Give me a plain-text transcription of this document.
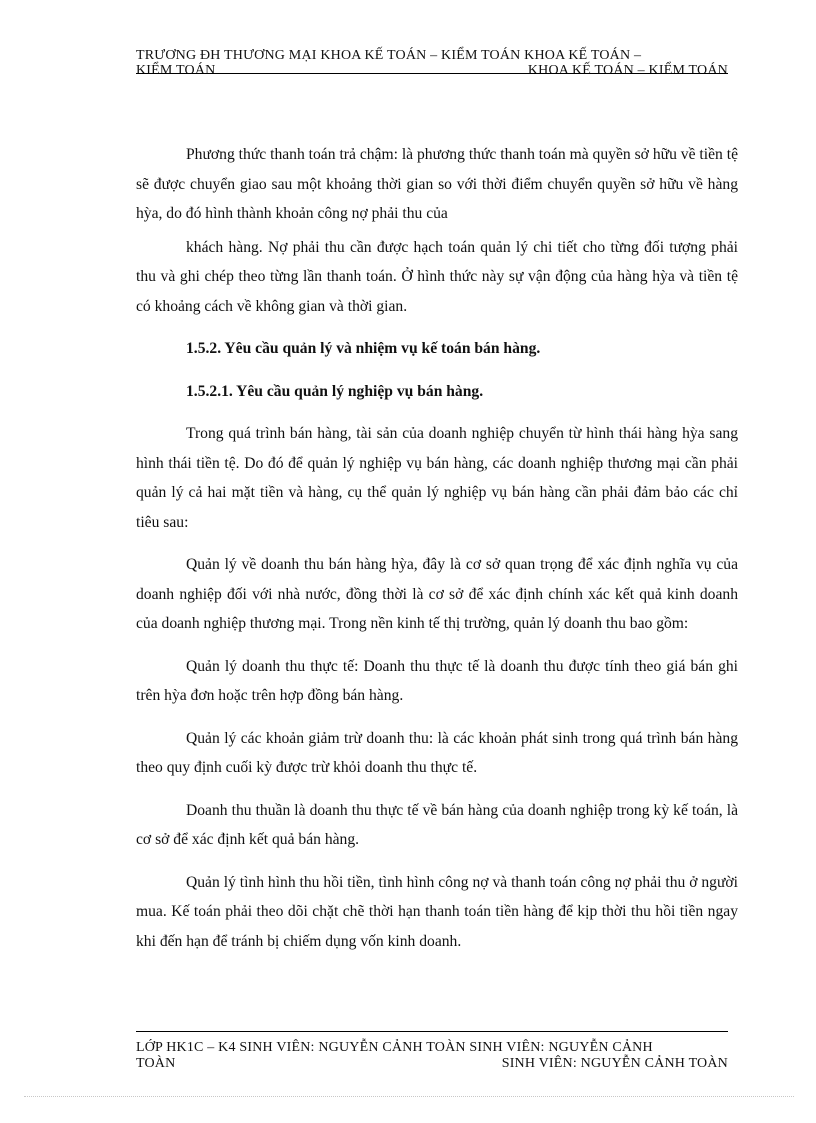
TRƯƠNG ĐH THƯƠNG MẠI KHOA KẾ TOÁN – KIỂM TOÁN KHOA KẾ TOÁN –
KIỂM TOÁN	KHOA KẾ TOÁN – KIỂM TOÁN

Phương thức thanh toán trả chậm: là phương thức thanh toán mà quyền sở hữu về tiền tệ sẽ được chuyển giao sau một khoảng thời gian so với thời điểm chuyển quyền sở hữu về hàng hỳa, do đó hình thành khoản công nợ phải thu của

khách hàng. Nợ phải thu cần được hạch toán quản lý chi tiết cho từng đối tượng phải thu và ghi chép theo từng lần thanh toán. Ở hình thức này sự vận động của hàng hỳa và tiền tệ có khoảng cách về không gian và thời gian.

1.5.2. Yêu cầu quản lý và nhiệm vụ kế toán bán hàng.

1.5.2.1. Yêu cầu quản lý nghiệp vụ bán hàng.

Trong quá trình bán hàng, tài sản của doanh nghiệp chuyển từ hình thái hàng hỳa sang hình thái tiền tệ. Do đó để quản lý nghiệp vụ bán hàng, các doanh nghiệp thương mại cần phải quản lý cả hai mặt tiền và hàng, cụ thể quản lý nghiệp vụ bán hàng cần phải đảm bảo các chỉ tiêu sau:

Quản lý về doanh thu bán hàng hỳa, đây là cơ sở quan trọng để xác định nghĩa vụ của doanh nghiệp đối với nhà nước, đồng thời là cơ sở để xác định chính xác kết quả kinh doanh của doanh nghiệp thương mại. Trong nền kinh tế thị trường, quản lý doanh thu bao gồm:

Quản lý doanh thu thực tế: Doanh thu thực tế là doanh thu được tính theo giá bán ghi trên hỳa đơn hoặc trên hợp đồng bán hàng.

Quản lý các khoản giảm trừ doanh thu: là các khoản phát sinh trong quá trình bán hàng theo quy định cuối kỳ được trừ khỏi doanh thu thực tế.

Doanh thu thuần là doanh thu thực tế về bán hàng của doanh nghiệp trong kỳ kế toán, là cơ sở để xác định kết quả bán hàng.

Quản lý tình hình thu hồi tiền, tình hình công nợ và thanh toán công nợ phải thu ở người mua. Kế toán phải theo dõi chặt chẽ thời hạn thanh toán tiền hàng để kịp thời thu hồi tiền ngay khi đến hạn để tránh bị chiếm dụng vốn kinh doanh.

LỚP HK1C – K4 SINH VIÊN: NGUYỄN CẢNH TOÀN SINH VIÊN: NGUYỄN CẢNH
TOÀN	SINH VIÊN: NGUYỄN CẢNH TOÀN
